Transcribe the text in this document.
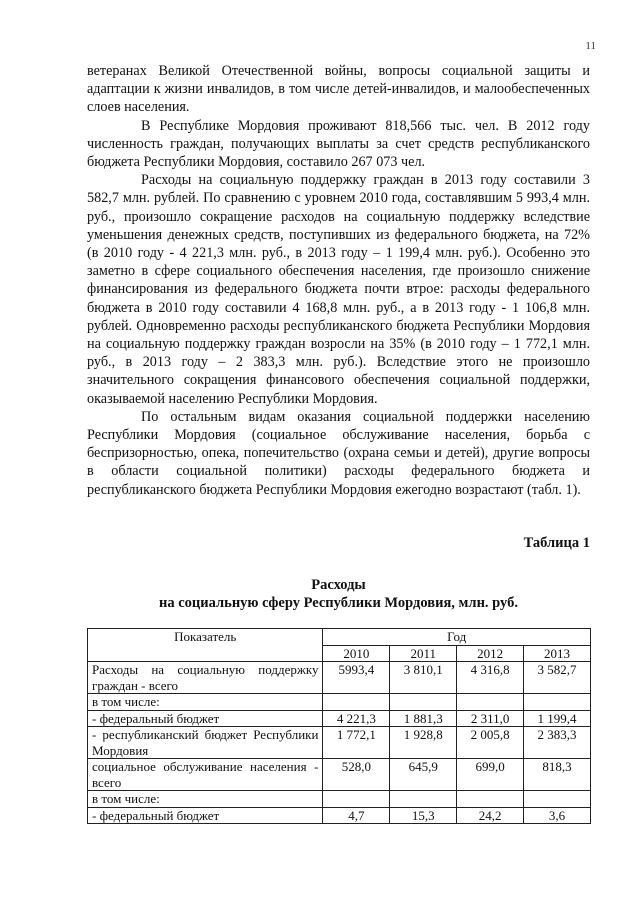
11

ветеранах Великой Отечественной войны, вопросы социальной защиты и адаптации к жизни инвалидов, в том числе детей-инвалидов, и малообеспеченных слоев населения.

В Республике Мордовия проживают 818,566 тыс. чел. В 2012 году численность граждан, получающих выплаты за счет средств республиканского бюджета Республики Мордовия, составило 267 073 чел.

Расходы на социальную поддержку граждан в 2013 году составили 3 582,7 млн. рублей. По сравнению с уровнем 2010 года, составлявшим 5 993,4 млн. руб., произошло сокращение расходов на социальную поддержку вследствие уменьшения денежных средств, поступивших из федерального бюджета, на 72% (в 2010 году - 4 221,3 млн. руб., в 2013 году – 1 199,4 млн. руб.). Особенно это заметно в сфере социального обеспечения населения, где произошло снижение финансирования из федерального бюджета почти втрое: расходы федерального бюджета в 2010 году составили 4 168,8 млн. руб., а в 2013 году - 1 106,8 млн. рублей. Одновременно расходы республиканского бюджета Республики Мордовия на социальную поддержку граждан возросли на 35% (в 2010 году – 1 772,1 млн. руб., в 2013 году – 2 383,3 млн. руб.). Вследствие этого не произошло значительного сокращения финансового обеспечения социальной поддержки, оказываемой населению Республики Мордовия.

По остальным видам оказания социальной поддержки населению Республики Мордовия (социальное обслуживание населения, борьба с беспризорностью, опека, попечительство (охрана семьи и детей), другие вопросы в области социальной политики) расходы федерального бюджета и республиканского бюджета Республики Мордовия ежегодно возрастают (табл. 1).

Таблица 1
Расходы
на социальную сферу Республики Мордовия, млн. руб.
Показатель	Год			
	2010	2011	2012	2013
Расходы на социальную поддержку граждан - всего	5993,4	3 810,1	4 316,8	3 582,7
в том числе:				
- федеральный бюджет	4 221,3	1 881,3	2 311,0	1 199,4
- республиканский бюджет Республики Мордовия	1 772,1	1 928,8	2 005,8	2 383,3
социальное обслуживание населения - всего	528,0	645,9	699,0	818,3
в том числе:				
- федеральный бюджет	4,7	15,3	24,2	3,6
